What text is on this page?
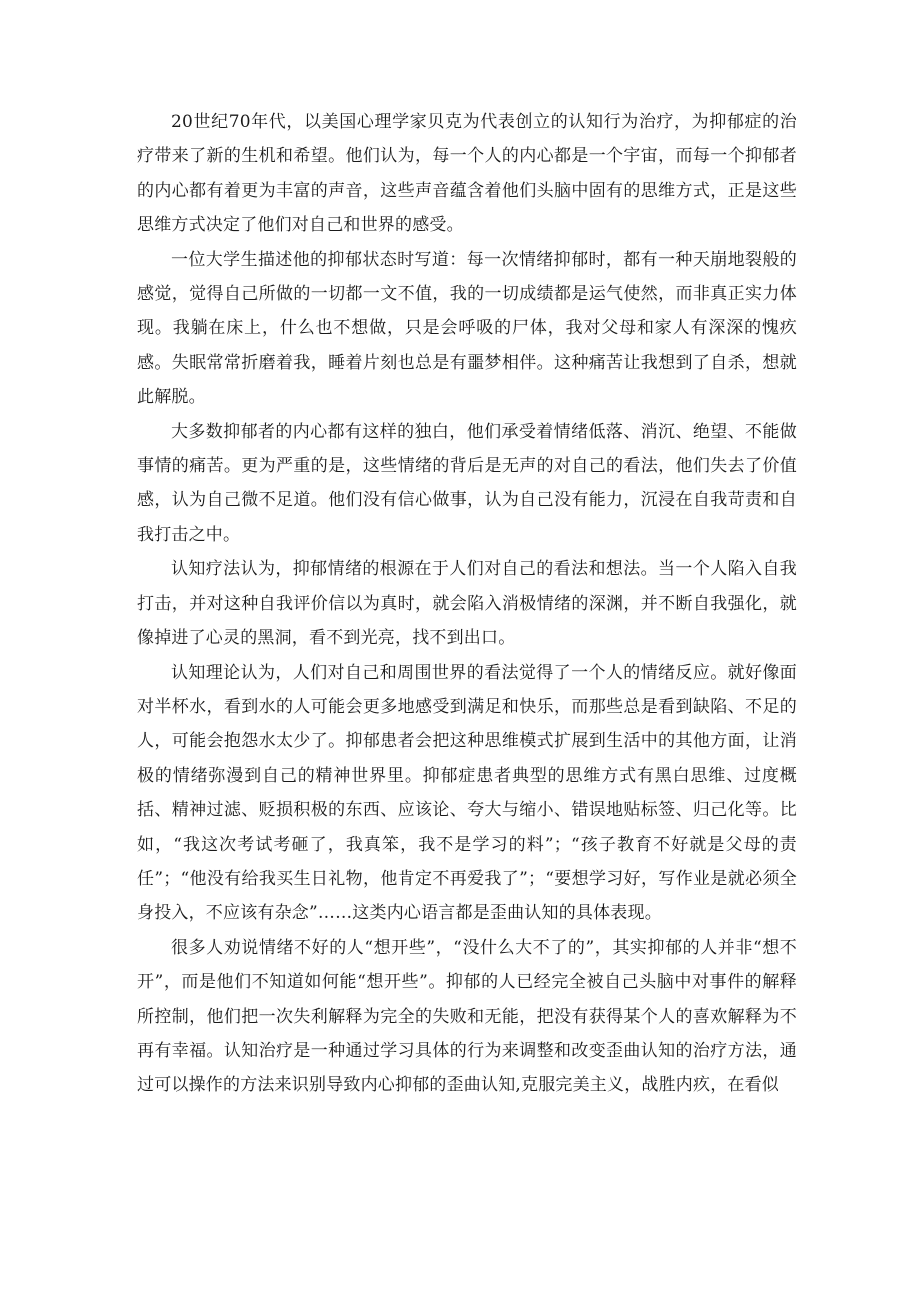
20世纪70年代，以美国心理学家贝克为代表创立的认知行为治疗，为抑郁症的治疗带来了新的生机和希望。他们认为，每一个人的内心都是一个宇宙，而每一个抑郁者的内心都有着更为丰富的声音，这些声音蕴含着他们头脑中固有的思维方式，正是这些思维方式决定了他们对自己和世界的感受。

一位大学生描述他的抑郁状态时写道：每一次情绪抑郁时，都有一种天崩地裂般的感觉，觉得自己所做的一切都一文不值，我的一切成绩都是运气使然，而非真正实力体现。我躺在床上，什么也不想做，只是会呼吸的尸体，我对父母和家人有深深的愧疚感。失眠常常折磨着我，睡着片刻也总是有噩梦相伴。这种痛苦让我想到了自杀，想就此解脱。

大多数抑郁者的内心都有这样的独白，他们承受着情绪低落、消沉、绝望、不能做事情的痛苦。更为严重的是，这些情绪的背后是无声的对自己的看法，他们失去了价值感，认为自己微不足道。他们没有信心做事，认为自己没有能力，沉浸在自我苛责和自我打击之中。

认知疗法认为，抑郁情绪的根源在于人们对自己的看法和想法。当一个人陷入自我打击，并对这种自我评价信以为真时，就会陷入消极情绪的深渊，并不断自我强化，就像掉进了心灵的黑洞，看不到光亮，找不到出口。

认知理论认为，人们对自己和周围世界的看法觉得了一个人的情绪反应。就好像面对半杯水，看到水的人可能会更多地感受到满足和快乐，而那些总是看到缺陷、不足的人，可能会抱怨水太少了。抑郁患者会把这种思维模式扩展到生活中的其他方面，让消极的情绪弥漫到自己的精神世界里。抑郁症患者典型的思维方式有黑白思维、过度概括、精神过滤、贬损积极的东西、应该论、夸大与缩小、错误地贴标签、归己化等。比如，“我这次考试考砸了，我真笨，我不是学习的料”；“孩子教育不好就是父母的责任”；“他没有给我买生日礼物，他肯定不再爱我了”；“要想学习好，写作业是就必须全身投入，不应该有杂念”……这类内心语言都是歪曲认知的具体表现。

很多人劝说情绪不好的人“想开些”，“没什么大不了的”，其实抑郁的人并非“想不开”，而是他们不知道如何能“想开些”。抑郁的人已经完全被自己头脑中对事件的解释所控制，他们把一次失利解释为完全的失败和无能，把没有获得某个人的喜欢解释为不再有幸福。认知治疗是一种通过学习具体的行为来调整和改变歪曲认知的治疗方法，通过可以操作的方法来识别导致内心抑郁的歪曲认知,克服完美主义，战胜内疚，在看似
